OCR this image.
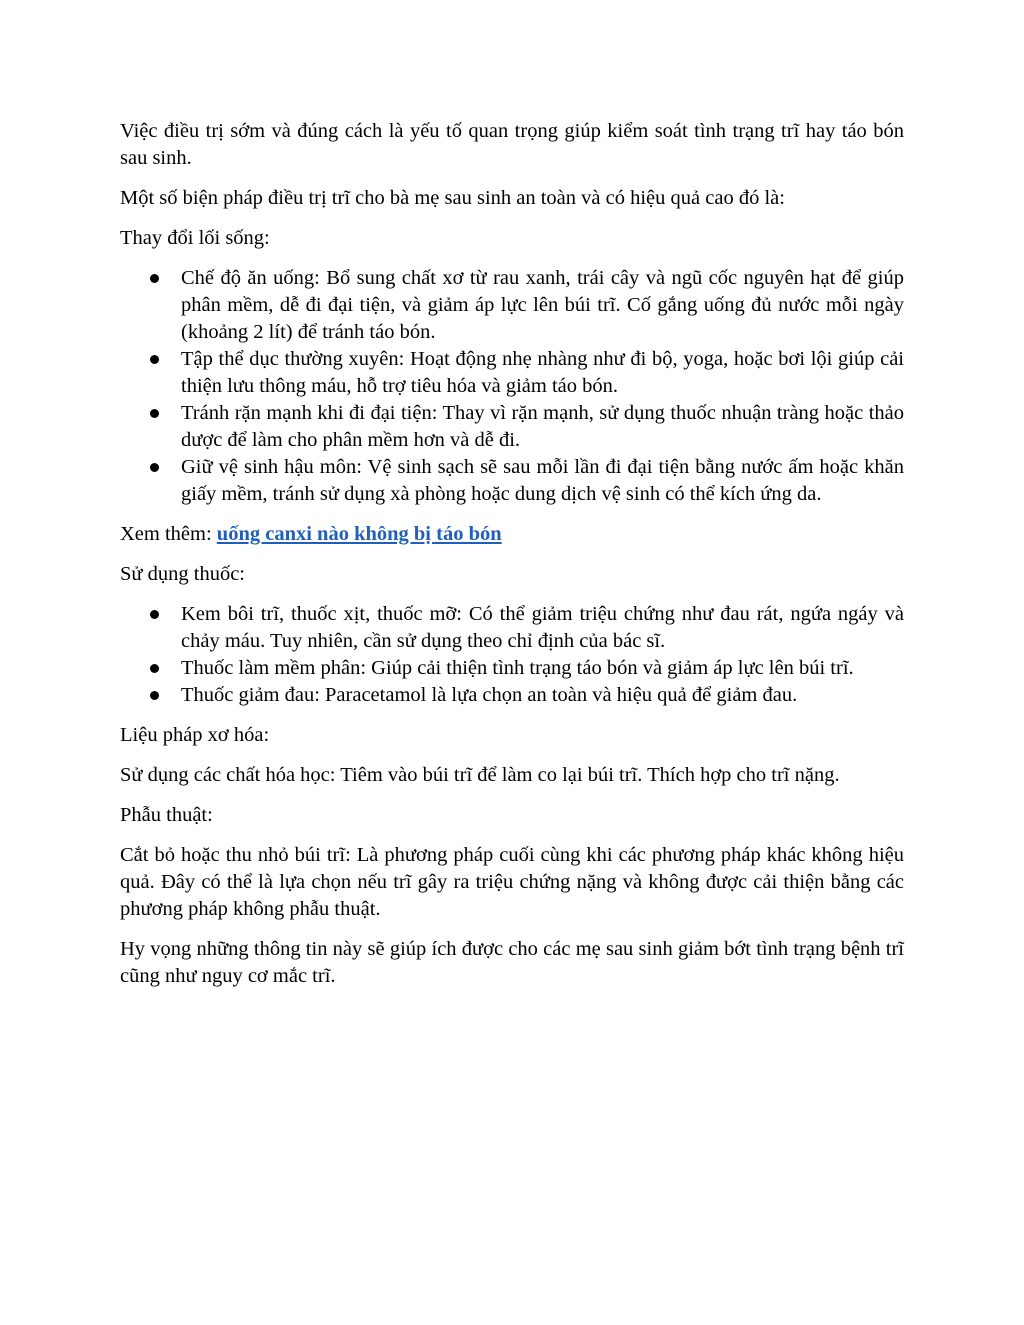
Việc điều trị sớm và đúng cách là yếu tố quan trọng giúp kiểm soát tình trạng trĩ hay táo bón sau sinh.

Một số biện pháp điều trị trĩ cho bà mẹ sau sinh an toàn và có hiệu quả cao đó là:

Thay đổi lối sống:

Chế độ ăn uống: Bổ sung chất xơ từ rau xanh, trái cây và ngũ cốc nguyên hạt để giúp phân mềm, dễ đi đại tiện, và giảm áp lực lên búi trĩ. Cố gắng uống đủ nước mỗi ngày (khoảng 2 lít) để tránh táo bón.
Tập thể dục thường xuyên: Hoạt động nhẹ nhàng như đi bộ, yoga, hoặc bơi lội giúp cải thiện lưu thông máu, hỗ trợ tiêu hóa và giảm táo bón.
Tránh rặn mạnh khi đi đại tiện: Thay vì rặn mạnh, sử dụng thuốc nhuận tràng hoặc thảo dược để làm cho phân mềm hơn và dễ đi.
Giữ vệ sinh hậu môn: Vệ sinh sạch sẽ sau mỗi lần đi đại tiện bằng nước ấm hoặc khăn giấy mềm, tránh sử dụng xà phòng hoặc dung dịch vệ sinh có thể kích ứng da.

Xem thêm: uống canxi nào không bị táo bón

Sử dụng thuốc:

Kem bôi trĩ, thuốc xịt, thuốc mỡ: Có thể giảm triệu chứng như đau rát, ngứa ngáy và chảy máu. Tuy nhiên, cần sử dụng theo chỉ định của bác sĩ.
Thuốc làm mềm phân: Giúp cải thiện tình trạng táo bón và giảm áp lực lên búi trĩ.
Thuốc giảm đau: Paracetamol là lựa chọn an toàn và hiệu quả để giảm đau.

Liệu pháp xơ hóa:

Sử dụng các chất hóa học: Tiêm vào búi trĩ để làm co lại búi trĩ. Thích hợp cho trĩ nặng.

Phẫu thuật:

Cắt bỏ hoặc thu nhỏ búi trĩ: Là phương pháp cuối cùng khi các phương pháp khác không hiệu quả. Đây có thể là lựa chọn nếu trĩ gây ra triệu chứng nặng và không được cải thiện bằng các phương pháp không phẫu thuật.

Hy vọng những thông tin này sẽ giúp ích được cho các mẹ sau sinh giảm bớt tình trạng bệnh trĩ cũng như nguy cơ mắc trĩ.
